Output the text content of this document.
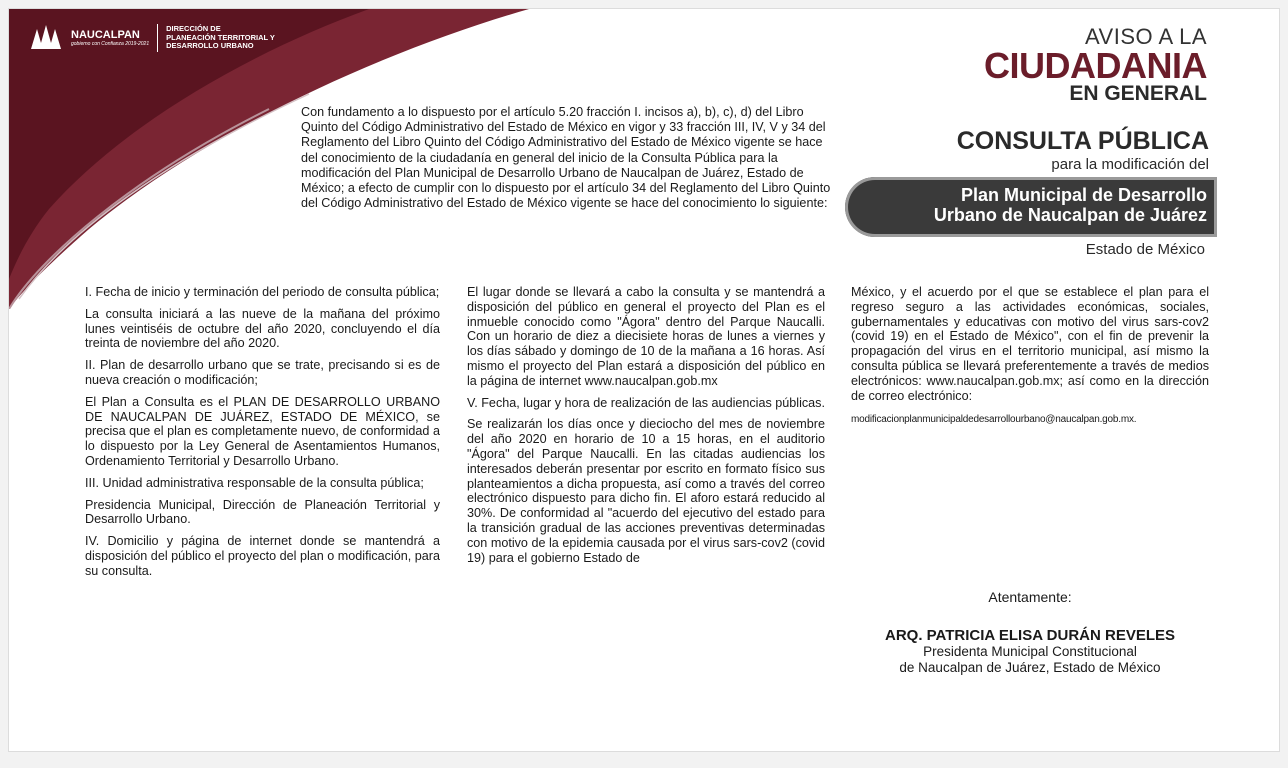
NAUCALPAN
gobierno con Confianza 2019-2021
DIRECCIÓN DE
PLANEACIÓN TERRITORIAL Y
DESARROLLO URBANO	AVISO A LA
CIUDADANIA
EN GENERAL
CONSULTA PÚBLICA
para la modificación del
Plan Municipal de Desarrollo
Urbano de Naucalpan de Juárez
Estado de México
Con fundamento a lo dispuesto por el artículo 5.20 fracción I. incisos a), b), c), d) del Libro Quinto del Código Administrativo del Estado de México en vigor y 33 fracción III, IV, V y 34 del Reglamento del Libro Quinto del Código Administrativo del Estado de México vigente se hace del conocimiento de la ciudadanía en general del inicio de la Consulta Pública para la modificación del Plan Municipal de Desarrollo Urbano de Naucalpan de Juárez, Estado de México; a efecto de cumplir con lo dispuesto por el artículo 34 del Reglamento del Libro Quinto del Código Administrativo del Estado de México vigente se hace del conocimiento lo siguiente:

I. Fecha de inicio y terminación del periodo de consulta pública;

La consulta iniciará a las nueve de la mañana del próximo lunes veintiséis de octubre del año 2020, concluyendo el día treinta de noviembre del año 2020.

II. Plan de desarrollo urbano que se trate, precisando si es de nueva creación o modificación;

El Plan a Consulta es el PLAN DE DESARROLLO URBANO DE NAUCALPAN DE JUÁREZ, ESTADO DE MÉXICO, se precisa que el plan es completamente nuevo, de conformidad a lo dispuesto por la Ley General de Asentamientos Humanos, Ordenamiento Territorial y Desarrollo Urbano.

III. Unidad administrativa responsable de la consulta pública;

Presidencia Municipal, Dirección de Planeación Territorial y Desarrollo Urbano.

IV. Domicilio y página de internet donde se mantendrá a disposición del público el proyecto del plan o modificación, para su consulta.

El lugar donde se llevará a cabo la consulta y se mantendrá a disposición del público en general el proyecto del Plan es el inmueble conocido como "Ágora" dentro del Parque Naucalli. Con un horario de diez a diecisiete horas de lunes a viernes y los días sábado y domingo de 10 de la mañana a 16 horas. Así mismo el proyecto del Plan estará a disposición del público en la página de internet www.naucalpan.gob.mx

V. Fecha, lugar y hora de realización de las audiencias públicas.

Se realizarán los días once y dieciocho del mes de noviembre del año 2020 en horario de 10 a 15 horas, en el auditorio "Ágora" del Parque Naucalli. En las citadas audiencias los interesados deberán presentar por escrito en formato físico sus planteamientos a dicha propuesta, así como a través del correo electrónico dispuesto para dicho fin. El aforo estará reducido al 30%. De conformidad al "acuerdo del ejecutivo del estado para la transición gradual de las acciones preventivas determinadas con motivo de la epidemia causada por el virus sars-cov2 (covid 19) para el gobierno Estado de

México, y el acuerdo por el que se establece el plan para el regreso seguro a las actividades económicas, sociales, gubernamentales y educativas con motivo del virus sars-cov2 (covid 19) en el Estado de México", con el fin de prevenir la propagación del virus en el territorio municipal, así mismo la consulta pública se llevará preferentemente a través de medios electrónicos: www.naucalpan.gob.mx; así como en la dirección de correo electrónico:

modificacionplanmunicipaldedesarrollourbano@naucalpan.gob.mx.

Atentamente:
ARQ. PATRICIA ELISA DURÁN REVELES
Presidenta Municipal Constitucional
de Naucalpan de Juárez, Estado de México
